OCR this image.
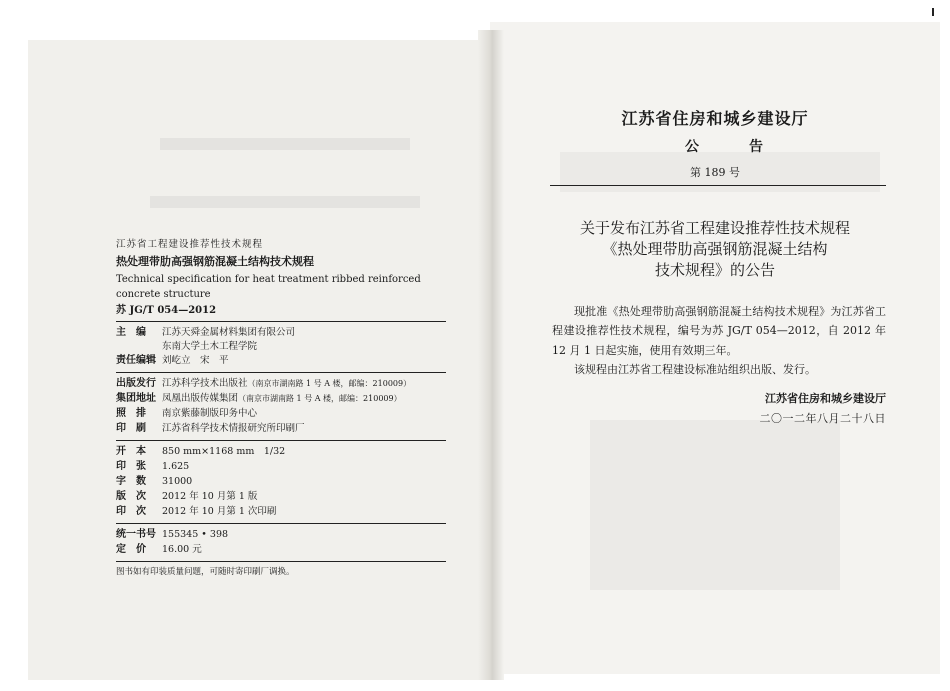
江苏省工程建设推荐性技术规程
热处理带肋高强钢筋混凝土结构技术规程
Technical specification for heat treatment ribbed reinforced concrete structure
苏 JG/T 054—2012
主　编	江苏天舜金属材料集团有限公司
东南大学土木工程学院
责任编辑 刘屹立　宋　平
出版发行 江苏科学技术出版社（南京市湖南路 1 号 A 楼，邮编：210009）
集团地址 凤凰出版传媒集团（南京市湖南路 1 号 A 楼，邮编：210009）
照　排	南京紫藤制版印务中心
印　刷	江苏省科学技术情报研究所印刷厂
开　本	850 mm×1168 mm　1/32
印　张	1.625
字　数	31000
版　次	2012 年 10 月第 1 版
印　次	2012 年 10 月第 1 次印刷
统一书号 155345 • 398
定　价	16.00 元
图书如有印装质量问题，可随时寄印刷厂调换。
江苏省住房和城乡建设厅
公　告
第 189 号
关于发布江苏省工程建设推荐性技术规程
《热处理带肋高强钢筋混凝土结构
技术规程》的公告

现批准《热处理带肋高强钢筋混凝土结构技术规程》为江苏省工程建设推荐性技术规程，编号为苏 JG/T 054—2012，自 2012 年 12 月 1 日起实施，使用有效期三年。

该规程由江苏省工程建设标准站组织出版、发行。

江苏省住房和城乡建设厅
二〇一二年八月二十八日
